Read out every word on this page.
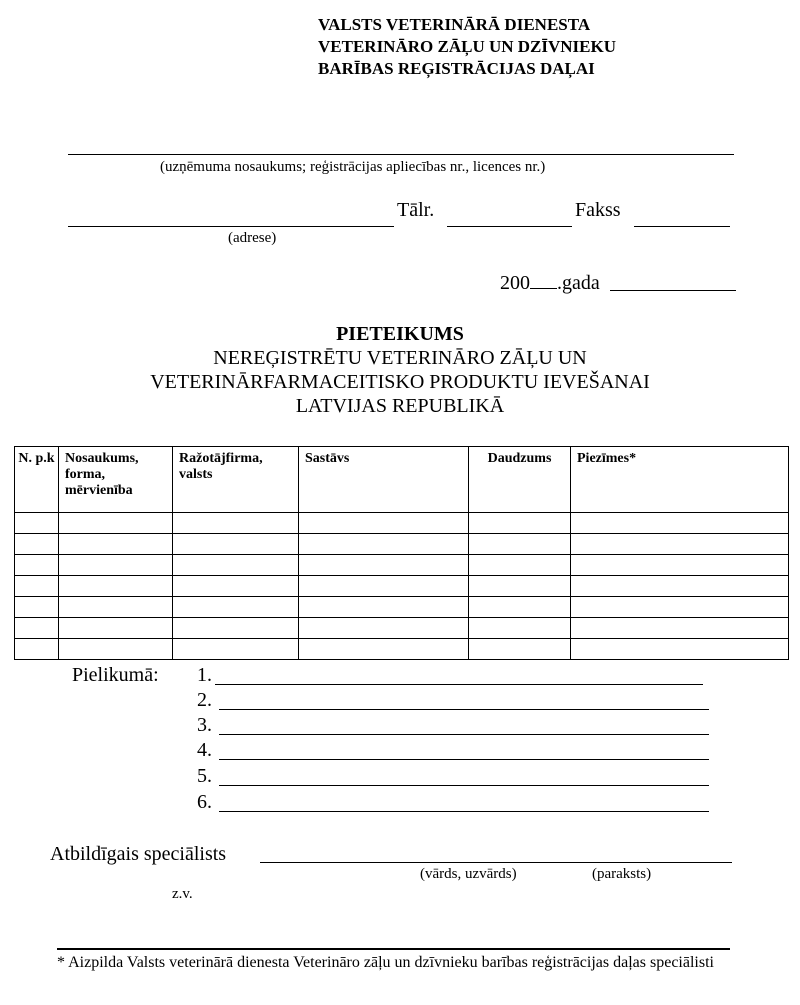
VALSTS VETERINĀRĀ DIENESTA
VETERINĀRO ZĀĻU UN DZĪVNIEKU
BARĪBAS REĢISTRĀCIJAS DAĻAI
(uzņēmuma nosaukums; reģistrācijas apliecības nr., licences nr.)
Tālr.	Fakss
(adrese)
200 .gada
PIETEIKUMS
NEREĢISTRĒTU VETERINĀRO ZĀĻU UN
VETERINĀRFARMACEITISKO PRODUKTU IEVEŠANAI
LATVIJAS REPUBLIKĀ
N. p.k	Nosaukums, forma, mērvienība	Ražotājfirma, valsts	Sastāvs	Daudzums	Piezīmes*

Pielikumā: 1.
2.
3.
4.
5.
6.
Atbildīgais speciālists
(vārds, uzvārds)	(paraksts)
z.v.
* Aizpilda Valsts veterinārā dienesta Veterināro zāļu un dzīvnieku barības reģistrācijas daļas speciālisti
